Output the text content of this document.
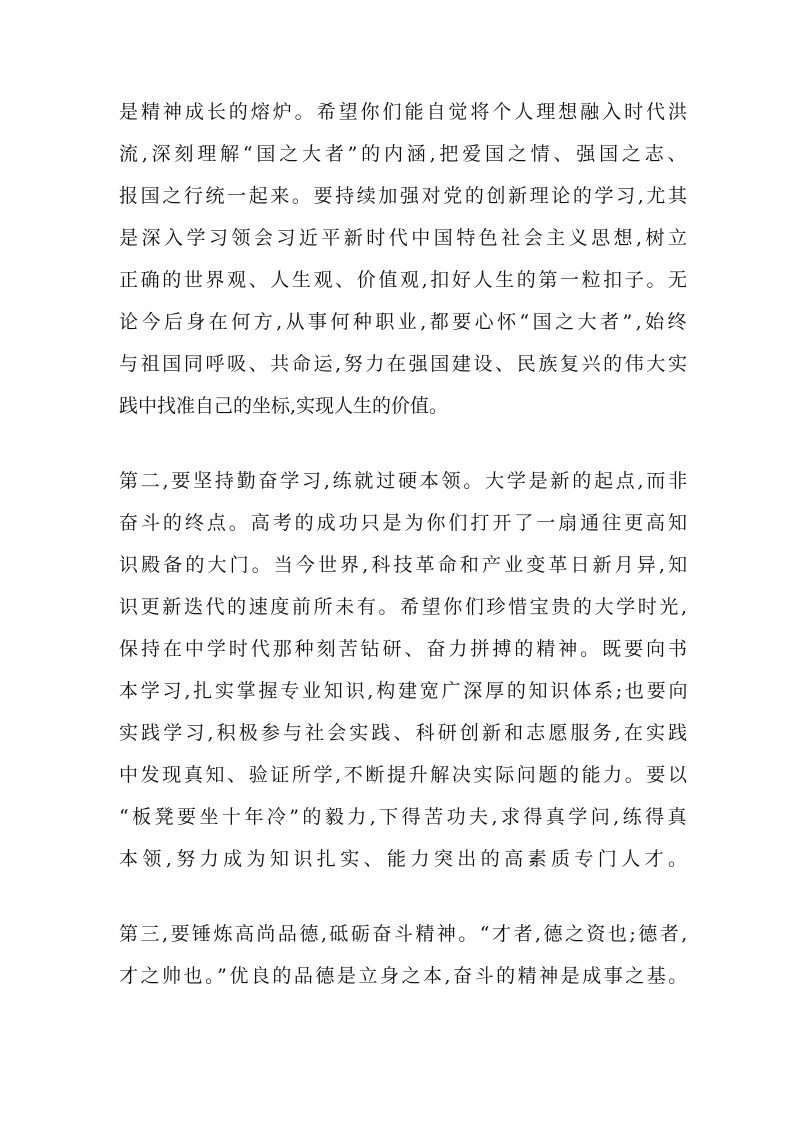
是精神成长的熔炉。希望你们能自觉将个人理想融入时代洪
流,深刻理解“国之大者”的内涵,把爱国之情、强国之志、
报国之行统一起来。要持续加强对党的创新理论的学习,尤其
是深入学习领会习近平新时代中国特色社会主义思想,树立
正确的世界观、人生观、价值观,扣好人生的第一粒扣子。无
论今后身在何方,从事何种职业,都要心怀“国之大者”,始终
与祖国同呼吸、共命运,努力在强国建设、民族复兴的伟大实
践中找准自己的坐标,实现人生的价值。
第二,要坚持勤奋学习,练就过硬本领。大学是新的起点,而非
奋斗的终点。高考的成功只是为你们打开了一扇通往更高知
识殿备的大门。当今世界,科技革命和产业变革日新月异,知
识更新迭代的速度前所未有。希望你们珍惜宝贵的大学时光,
保持在中学时代那种刻苦钻研、奋力拼搏的精神。既要向书
本学习,扎实掌握专业知识,构建宽广深厚的知识体系;也要向
实践学习,积极参与社会实践、科研创新和志愿服务,在实践
中发现真知、验证所学,不断提升解决实际问题的能力。要以
“板凳要坐十年冷”的毅力,下得苦功夫,求得真学问,练得真
本领,努力成为知识扎实、能力突出的高素质专门人才。
第三,要锤炼高尚品德,砥砺奋斗精神。“才者,德之资也;德者,
才之帅也。”优良的品德是立身之本,奋斗的精神是成事之基。
